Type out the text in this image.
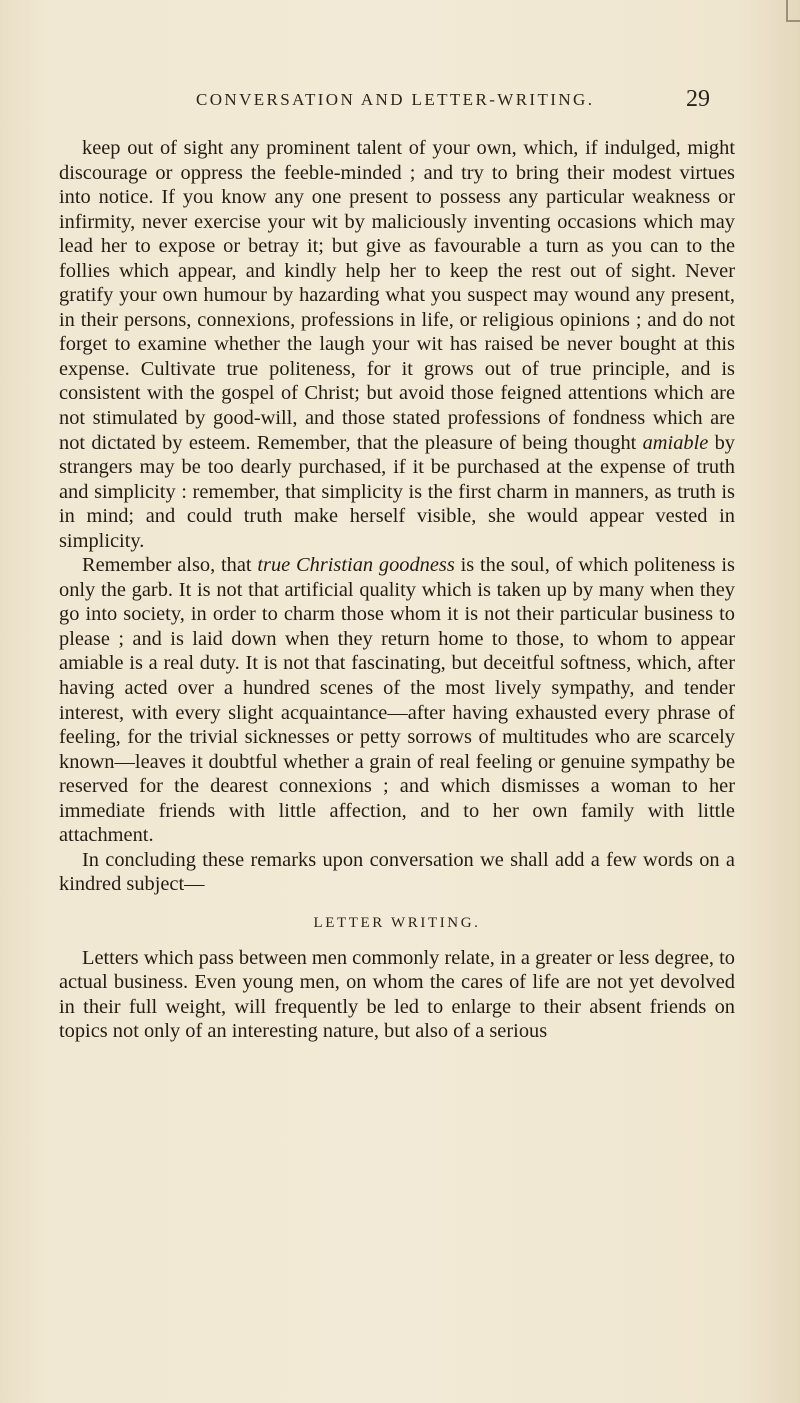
CONVERSATION AND LETTER-WRITING.	29

keep out of sight any prominent talent of your own, which, if indulged, might discourage or oppress the feeble-minded ; and try to bring their modest virtues into notice. If you know any one present to possess any particular weakness or infirmity, never exercise your wit by maliciously inventing occasions which may lead her to expose or betray it; but give as favourable a turn as you can to the follies which appear, and kindly help her to keep the rest out of sight. Never gratify your own humour by hazarding what you suspect may wound any present, in their persons, connexions, professions in life, or religious opinions ; and do not forget to examine whether the laugh your wit has raised be never bought at this expense. Cultivate true politeness, for it grows out of true principle, and is consistent with the gospel of Christ; but avoid those feigned attentions which are not stimulated by good-will, and those stated professions of fondness which are not dictated by esteem. Remember, that the pleasure of being thought amiable by strangers may be too dearly purchased, if it be purchased at the expense of truth and simplicity : remember, that simplicity is the first charm in manners, as truth is in mind; and could truth make herself visible, she would appear vested in simplicity.

Remember also, that true Christian goodness is the soul, of which politeness is only the garb. It is not that artificial quality which is taken up by many when they go into society, in order to charm those whom it is not their particular business to please ; and is laid down when they return home to those, to whom to appear amiable is a real duty. It is not that fascinating, but deceitful softness, which, after having acted over a hundred scenes of the most lively sympathy, and tender interest, with every slight acquaintance—after having exhausted every phrase of feeling, for the trivial sicknesses or petty sorrows of multitudes who are scarcely known—leaves it doubtful whether a grain of real feeling or genuine sympathy be reserved for the dearest connexions ; and which dismisses a woman to her immediate friends with little affection, and to her own family with little attachment.

In concluding these remarks upon conversation we shall add a few words on a kindred subject—

LETTER WRITING.

Letters which pass between men commonly relate, in a greater or less degree, to actual business. Even young men, on whom the cares of life are not yet devolved in their full weight, will frequently be led to enlarge to their absent friends on topics not only of an interesting nature, but also of a serious
